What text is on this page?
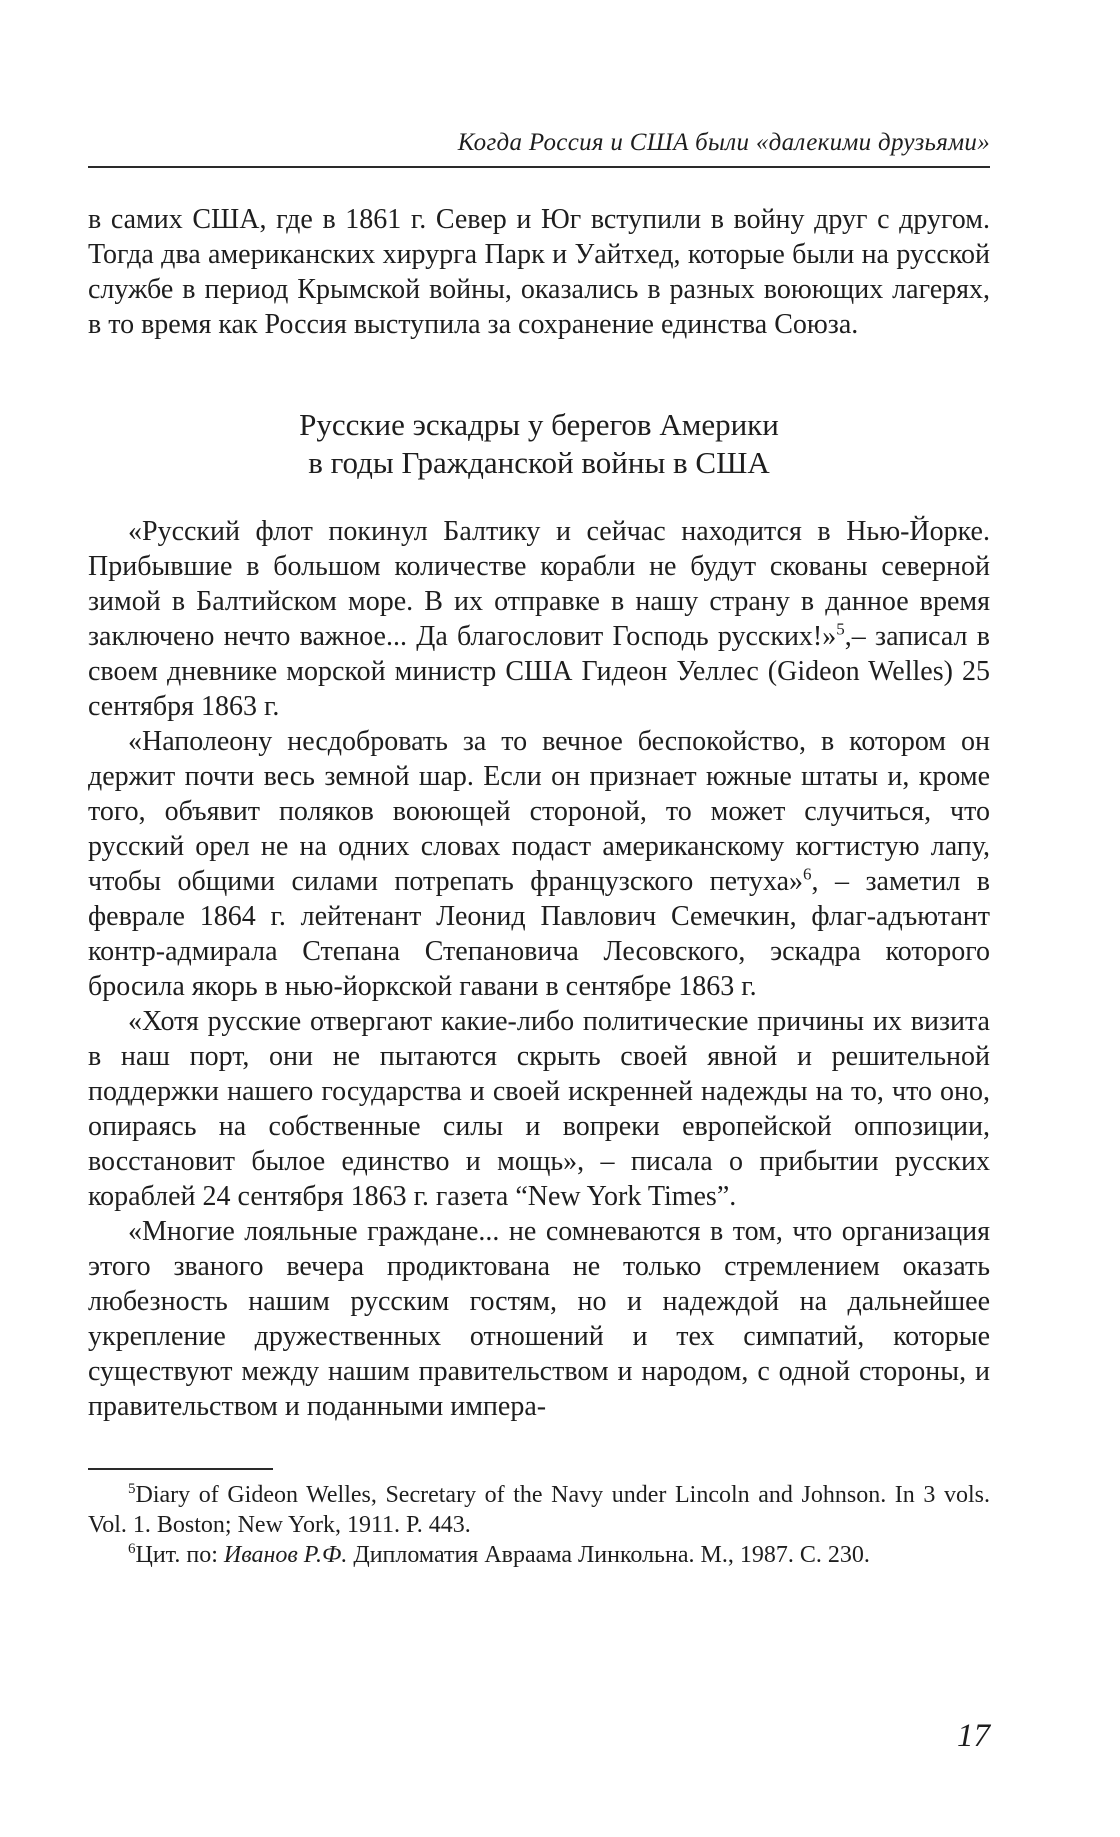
Когда Россия и США были «далекими друзьями»

в самих США, где в 1861 г. Север и Юг вступили в войну друг с другом. Тогда два американских хирурга Парк и Уайтхед, которые были на русской службе в период Крымской войны, оказались в разных воюющих лагерях, в то время как Россия выступила за сохранение единства Союза.

Русские эскадры у берегов Америки
в годы Гражданской войны в США

«Русский флот покинул Балтику и сейчас находится в Нью-Йорке. Прибывшие в большом количестве корабли не будут скованы северной зимой в Балтийском море. В их отправке в нашу страну в данное время заключено нечто важное... Да благословит Господь русских!»$^5$,– записал в своем дневнике морской министр США Гидеон Уеллес (Gideon Welles) 25 сентября 1863 г.

«Наполеону несдобровать за то вечное беспокойство, в котором он держит почти весь земной шар. Если он признает южные штаты и, кроме того, объявит поляков воюющей стороной, то может случиться, что русский орел не на одних словах подаст американскому когтистую лапу, чтобы общими силами потрепать французского петуха»$^6$, – заметил в феврале 1864 г. лейтенант Леонид Павлович Семечкин, флаг-адъютант контр-адмирала Степана Степановича Лесовского, эскадра которого бросила якорь в нью-йоркской гавани в сентябре 1863 г.

«Хотя русские отвергают какие-либо политические причины их визита в наш порт, они не пытаются скрыть своей явной и решительной поддержки нашего государства и своей искренней надежды на то, что оно, опираясь на собственные силы и вопреки европейской оппозиции, восстановит былое единство и мощь», – писала о прибытии русских кораблей 24 сентября 1863 г. газета “New York Times”.

«Многие лояльные граждане... не сомневаются в том, что организация этого званого вечера продиктована не только стремлением оказать любезность нашим русским гостям, но и надеждой на дальнейшее укрепление дружественных отношений и тех симпатий, которые существуют между нашим правительством и народом, с одной стороны, и правительством и поданными импера-

$^5$Diary of Gideon Welles, Secretary of the Navy under Lincoln and Johnson. In 3 vols. Vol. 1. Boston; New York, 1911. P. 443.

$^6$Цит. по: Иванов Р.Ф. Дипломатия Авраама Линкольна. М., 1987. С. 230.

17
